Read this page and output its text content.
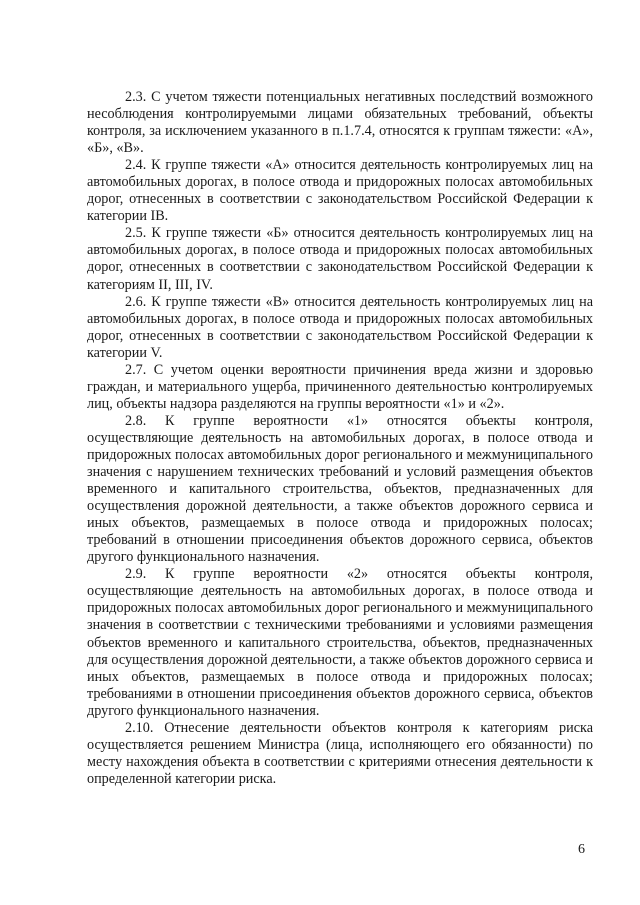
2.3. С учетом тяжести потенциальных негативных последствий возможного несоблюдения контролируемыми лицами обязательных требований, объекты контроля, за исключением указанного в п.1.7.4, относятся к группам тяжести: «А», «Б», «В».

2.4. К группе тяжести «А» относится деятельность контролируемых лиц на автомобильных дорогах, в полосе отвода и придорожных полосах автомобильных дорог, отнесенных в соответствии с законодательством Российской Федерации к категории IB.

2.5. К группе тяжести «Б» относится деятельность контролируемых лиц на автомобильных дорогах, в полосе отвода и придорожных полосах автомобильных дорог, отнесенных в соответствии с законодательством Российской Федерации к категориям II, III, IV.

2.6. К группе тяжести «В» относится деятельность контролируемых лиц на автомобильных дорогах, в полосе отвода и придорожных полосах автомобильных дорог, отнесенных в соответствии с законодательством Российской Федерации к категории V.

2.7. С учетом оценки вероятности причинения вреда жизни и здоровью граждан, и материального ущерба, причиненного деятельностью контролируемых лиц, объекты надзора разделяются на группы вероятности «1» и «2».

2.8. К группе вероятности «1» относятся объекты контроля, осуществляющие деятельность на автомобильных дорогах, в полосе отвода и придорожных полосах автомобильных дорог регионального и межмуниципального значения с нарушением технических требований и условий размещения объектов временного и капитального строительства, объектов, предназначенных для осуществления дорожной деятельности, а также объектов дорожного сервиса и иных объектов, размещаемых в полосе отвода и придорожных полосах; требований в отношении присоединения объектов дорожного сервиса, объектов другого функционального назначения.

2.9. К группе вероятности «2» относятся объекты контроля, осуществляющие деятельность на автомобильных дорогах, в полосе отвода и придорожных полосах автомобильных дорог регионального и межмуниципального значения в соответствии с техническими требованиями и условиями размещения объектов временного и капитального строительства, объектов, предназначенных для осуществления дорожной деятельности, а также объектов дорожного сервиса и иных объектов, размещаемых в полосе отвода и придорожных полосах; требованиями в отношении присоединения объектов дорожного сервиса, объектов другого функционального назначения.

2.10. Отнесение деятельности объектов контроля к категориям риска осуществляется решением Министра (лица, исполняющего его обязанности) по месту нахождения объекта в соответствии с критериями отнесения деятельности к определенной категории риска.

6
